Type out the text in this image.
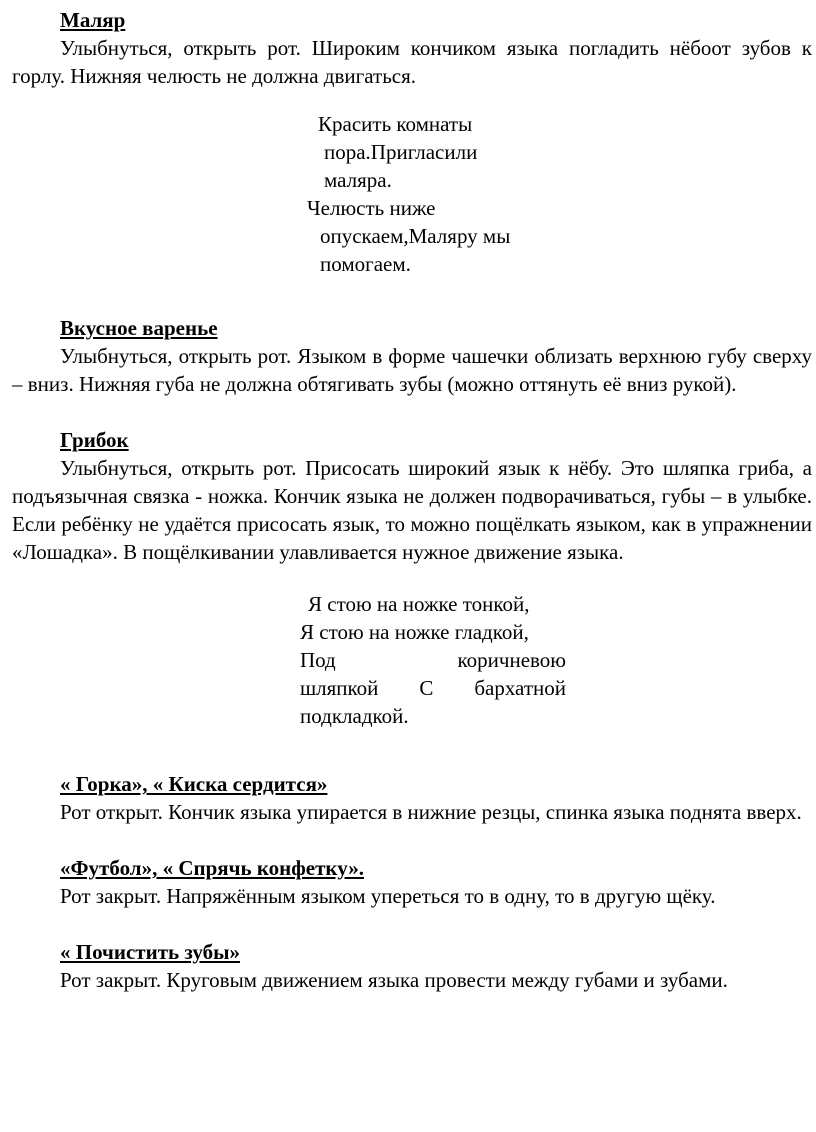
Маляр

Улыбнуться, открыть рот. Широким кончиком языка погладить нёбоот зубов к горлу. Нижняя челюсть не должна двигаться.

Красить комнаты
пора.Пригласили
маляра.
Челюсть ниже
опускаем,Маляру мы
помогаем.

Вкусное варенье

Улыбнуться, открыть рот. Языком в форме чашечки облизать верхнюю губу сверху – вниз. Нижняя губа не должна обтягивать зубы (можно оттянуть её вниз рукой).

Грибок

Улыбнуться, открыть рот. Присосать широкий язык к нёбу. Это шляпка гриба, а подъязычная связка - ножка. Кончик языка не должен подворачиваться, губы – в улыбке. Если ребёнку не удаётся присосать язык, то можно пощёлкать языком, как в упражнении «Лошадка». В пощёлкивании улавливается нужное движение языка.

Я стою на ножке тонкой,
Я стою на ножке гладкой,
Под	коричневою
шляпкой С бархатной
подкладкой.

« Горка», « Киска сердится»

Рот открыт. Кончик языка упирается в нижние резцы, спинка языка поднята вверх.

«Футбол», « Спрячь конфетку».

Рот закрыт. Напряжённым языком упереться то в одну, то в другую щёку.

« Почистить зубы»

Рот закрыт. Круговым движением языка провести между губами и зубами.
